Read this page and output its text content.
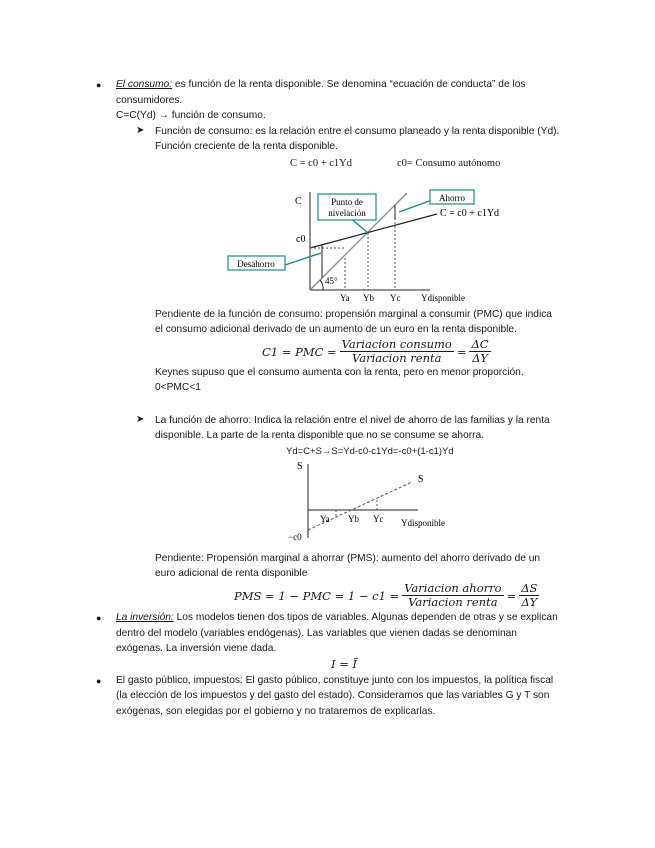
● El consumo: es función de la renta disponible. Se denomina “ecuación de conducta” de los
consumidores.
C=C(Yd) → función de consumo.
➤ Función de consumo: es la relación entre el consumo planeado y la renta disponible (Yd).
Función creciente de la renta disponible.
C = c0 + c1Yd	c0= Consumo autónomo
Punto de
nivelación
Ahorro
Desahorro
C
c0
C = c0 + c1Yd
45°
Ya Yb Yc Ydisponible
Pendiente de la función de consumo: propensión marginal a consumir (PMC) que indica
el consumo adicional derivado de un aumento de un euro en la renta disponible.
C1 = PMC = $\frac{\text{Variacion consumo}}{\text{Variacion renta}} = \frac{\Delta C}{\Delta Y}$
Keynes supuso que el consumo aumenta con la renta, pero en menor proporción.
0<PMC<1
➤ La función de ahorro: Indica la relación entre el nivel de ahorro de las familias y la renta
disponible. La parte de la renta disponible que no se consume se ahorra.
Yd=C+S→S=Yd-c0-c1Yd=-c0+(1-c1)Yd
S
S
−c0
Ya Yb Yc Ydisponible
Pendiente: Propensión marginal a ahorrar (PMS): aumento del ahorro derivado de un
euro adicional de renta disponible
PMS = 1 − PMC = $1 - c1 = \frac{\text{Variacion ahorro}}{\text{Variacion renta}} = \frac{\Delta S}{\Delta Y}$
● La inversión: Los modelos tienen dos tipos de variables. Algunas dependen de otras y se explican
dentro del modelo (variables endógenas). Las variables que vienen dadas se denominan
exógenas. La inversión viene dada.
I = Ī
● El gasto público, impuestos: El gasto público, constituye junto con los impuestos, la política fiscal
(la elección de los impuestos y del gasto del estado). Consideramos que las variables G y T son
exógenas, son elegidas por el gobierno y no trataremos de explicarlas.
